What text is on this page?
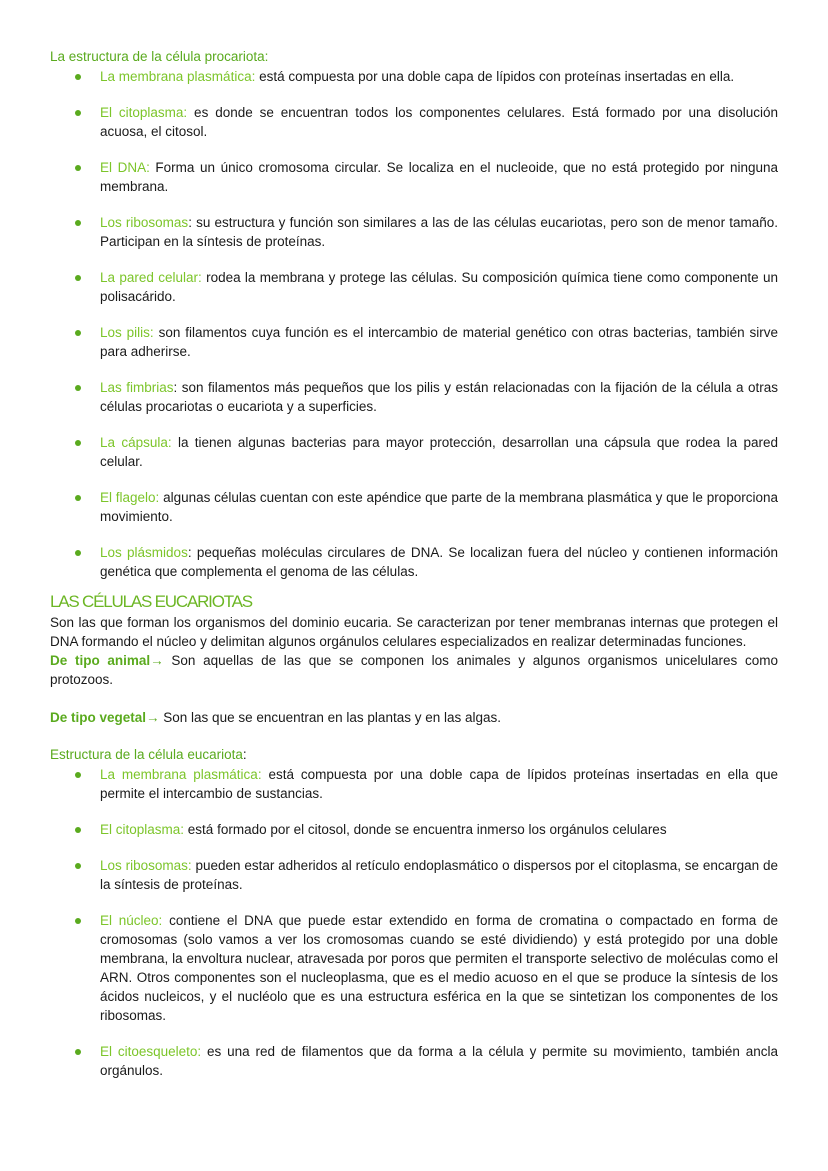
La estructura de la célula procariota:

La membrana plasmática: está compuesta por una doble capa de lípidos con proteínas insertadas en ella.
El citoplasma: es donde se encuentran todos los componentes celulares. Está formado por una disolución acuosa, el citosol.
El DNA: Forma un único cromosoma circular. Se localiza en el nucleoide, que no está protegido por ninguna membrana.
Los ribosomas: su estructura y función son similares a las de las células eucariotas, pero son de menor tamaño. Participan en la síntesis de proteínas.
La pared celular: rodea la membrana y protege las células. Su composición química tiene como componente un polisacárido.
Los pilis: son filamentos cuya función es el intercambio de material genético con otras bacterias, también sirve para adherirse.
Las fimbrias: son filamentos más pequeños que los pilis y están relacionadas con la fijación de la célula a otras células procariotas o eucariota y a superficies.
La cápsula: la tienen algunas bacterias para mayor protección, desarrollan una cápsula que rodea la pared celular.
El flagelo: algunas células cuentan con este apéndice que parte de la membrana plasmática y que le proporciona movimiento.
Los plásmidos: pequeñas moléculas circulares de DNA. Se localizan fuera del núcleo y contienen información genética que complementa el genoma de las células.
LAS CÉLULAS EUCARIOTAS

Son las que forman los organismos del dominio eucaria. Se caracterizan por tener membranas internas que protegen el DNA formando el núcleo y delimitan algunos orgánulos celulares especializados en realizar determinadas funciones.

De tipo animal→ Son aquellas de las que se componen los animales y algunos organismos unicelulares como protozoos.

De tipo vegetal→ Son las que se encuentran en las plantas y en las algas.

Estructura de la célula eucariota:

La membrana plasmática: está compuesta por una doble capa de lípidos proteínas insertadas en ella que permite el intercambio de sustancias.
El citoplasma: está formado por el citosol, donde se encuentra inmerso los orgánulos celulares
Los ribosomas: pueden estar adheridos al retículo endoplasmático o dispersos por el citoplasma, se encargan de la síntesis de proteínas.
El núcleo: contiene el DNA que puede estar extendido en forma de cromatina o compactado en forma de cromosomas (solo vamos a ver los cromosomas cuando se esté dividiendo) y está protegido por una doble membrana, la envoltura nuclear, atravesada por poros que permiten el transporte selectivo de moléculas como el ARN. Otros componentes son el nucleoplasma, que es el medio acuoso en el que se produce la síntesis de los ácidos nucleicos, y el nucléolo que es una estructura esférica en la que se sintetizan los componentes de los ribosomas.
El citoesqueleto: es una red de filamentos que da forma a la célula y permite su movimiento, también ancla orgánulos.
